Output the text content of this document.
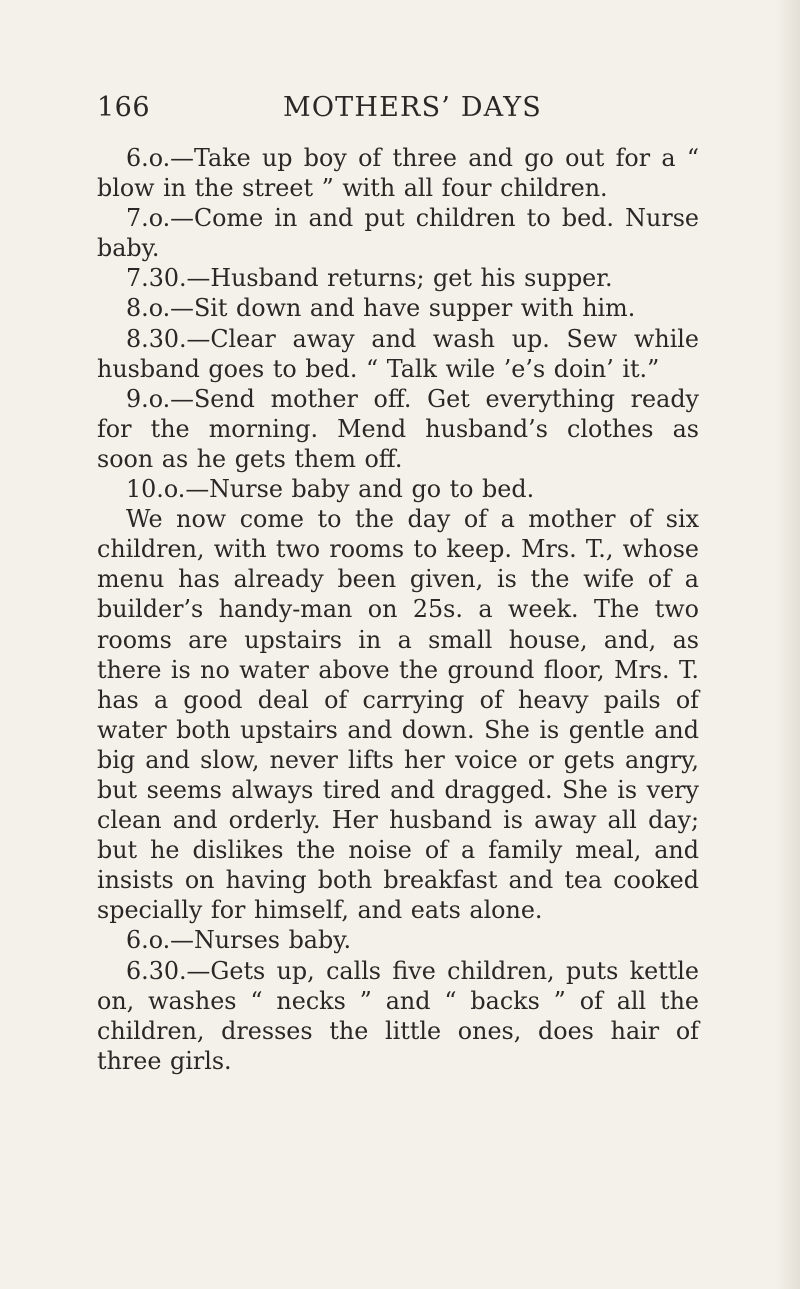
166	MOTHERS’ DAYS

6.o.—Take up boy of three and go out for a “ blow in the street ” with all four children.

7.o.—Come in and put children to bed. Nurse baby.

7.30.—Husband returns; get his supper.

8.o.—Sit down and have supper with him.

8.30.—Clear away and wash up. Sew while husband goes to bed. “ Talk wile ’e’s doin’ it.”

9.o.—Send mother off. Get everything ready for the morning. Mend husband’s clothes as soon as he gets them off.

10.o.—Nurse baby and go to bed.

We now come to the day of a mother of six children, with two rooms to keep. Mrs. T., whose menu has already been given, is the wife of a builder’s handy-man on 25s. a week. The two rooms are upstairs in a small house, and, as there is no water above the ground floor, Mrs. T. has a good deal of carrying of heavy pails of water both upstairs and down. She is gentle and big and slow, never lifts her voice or gets angry, but seems always tired and dragged. She is very clean and orderly. Her husband is away all day; but he dislikes the noise of a family meal, and insists on having both breakfast and tea cooked specially for himself, and eats alone.

6.o.—Nurses baby.

6.30.—Gets up, calls five children, puts kettle on, washes “ necks ” and “ backs ” of all the children, dresses the little ones, does hair of three girls.
